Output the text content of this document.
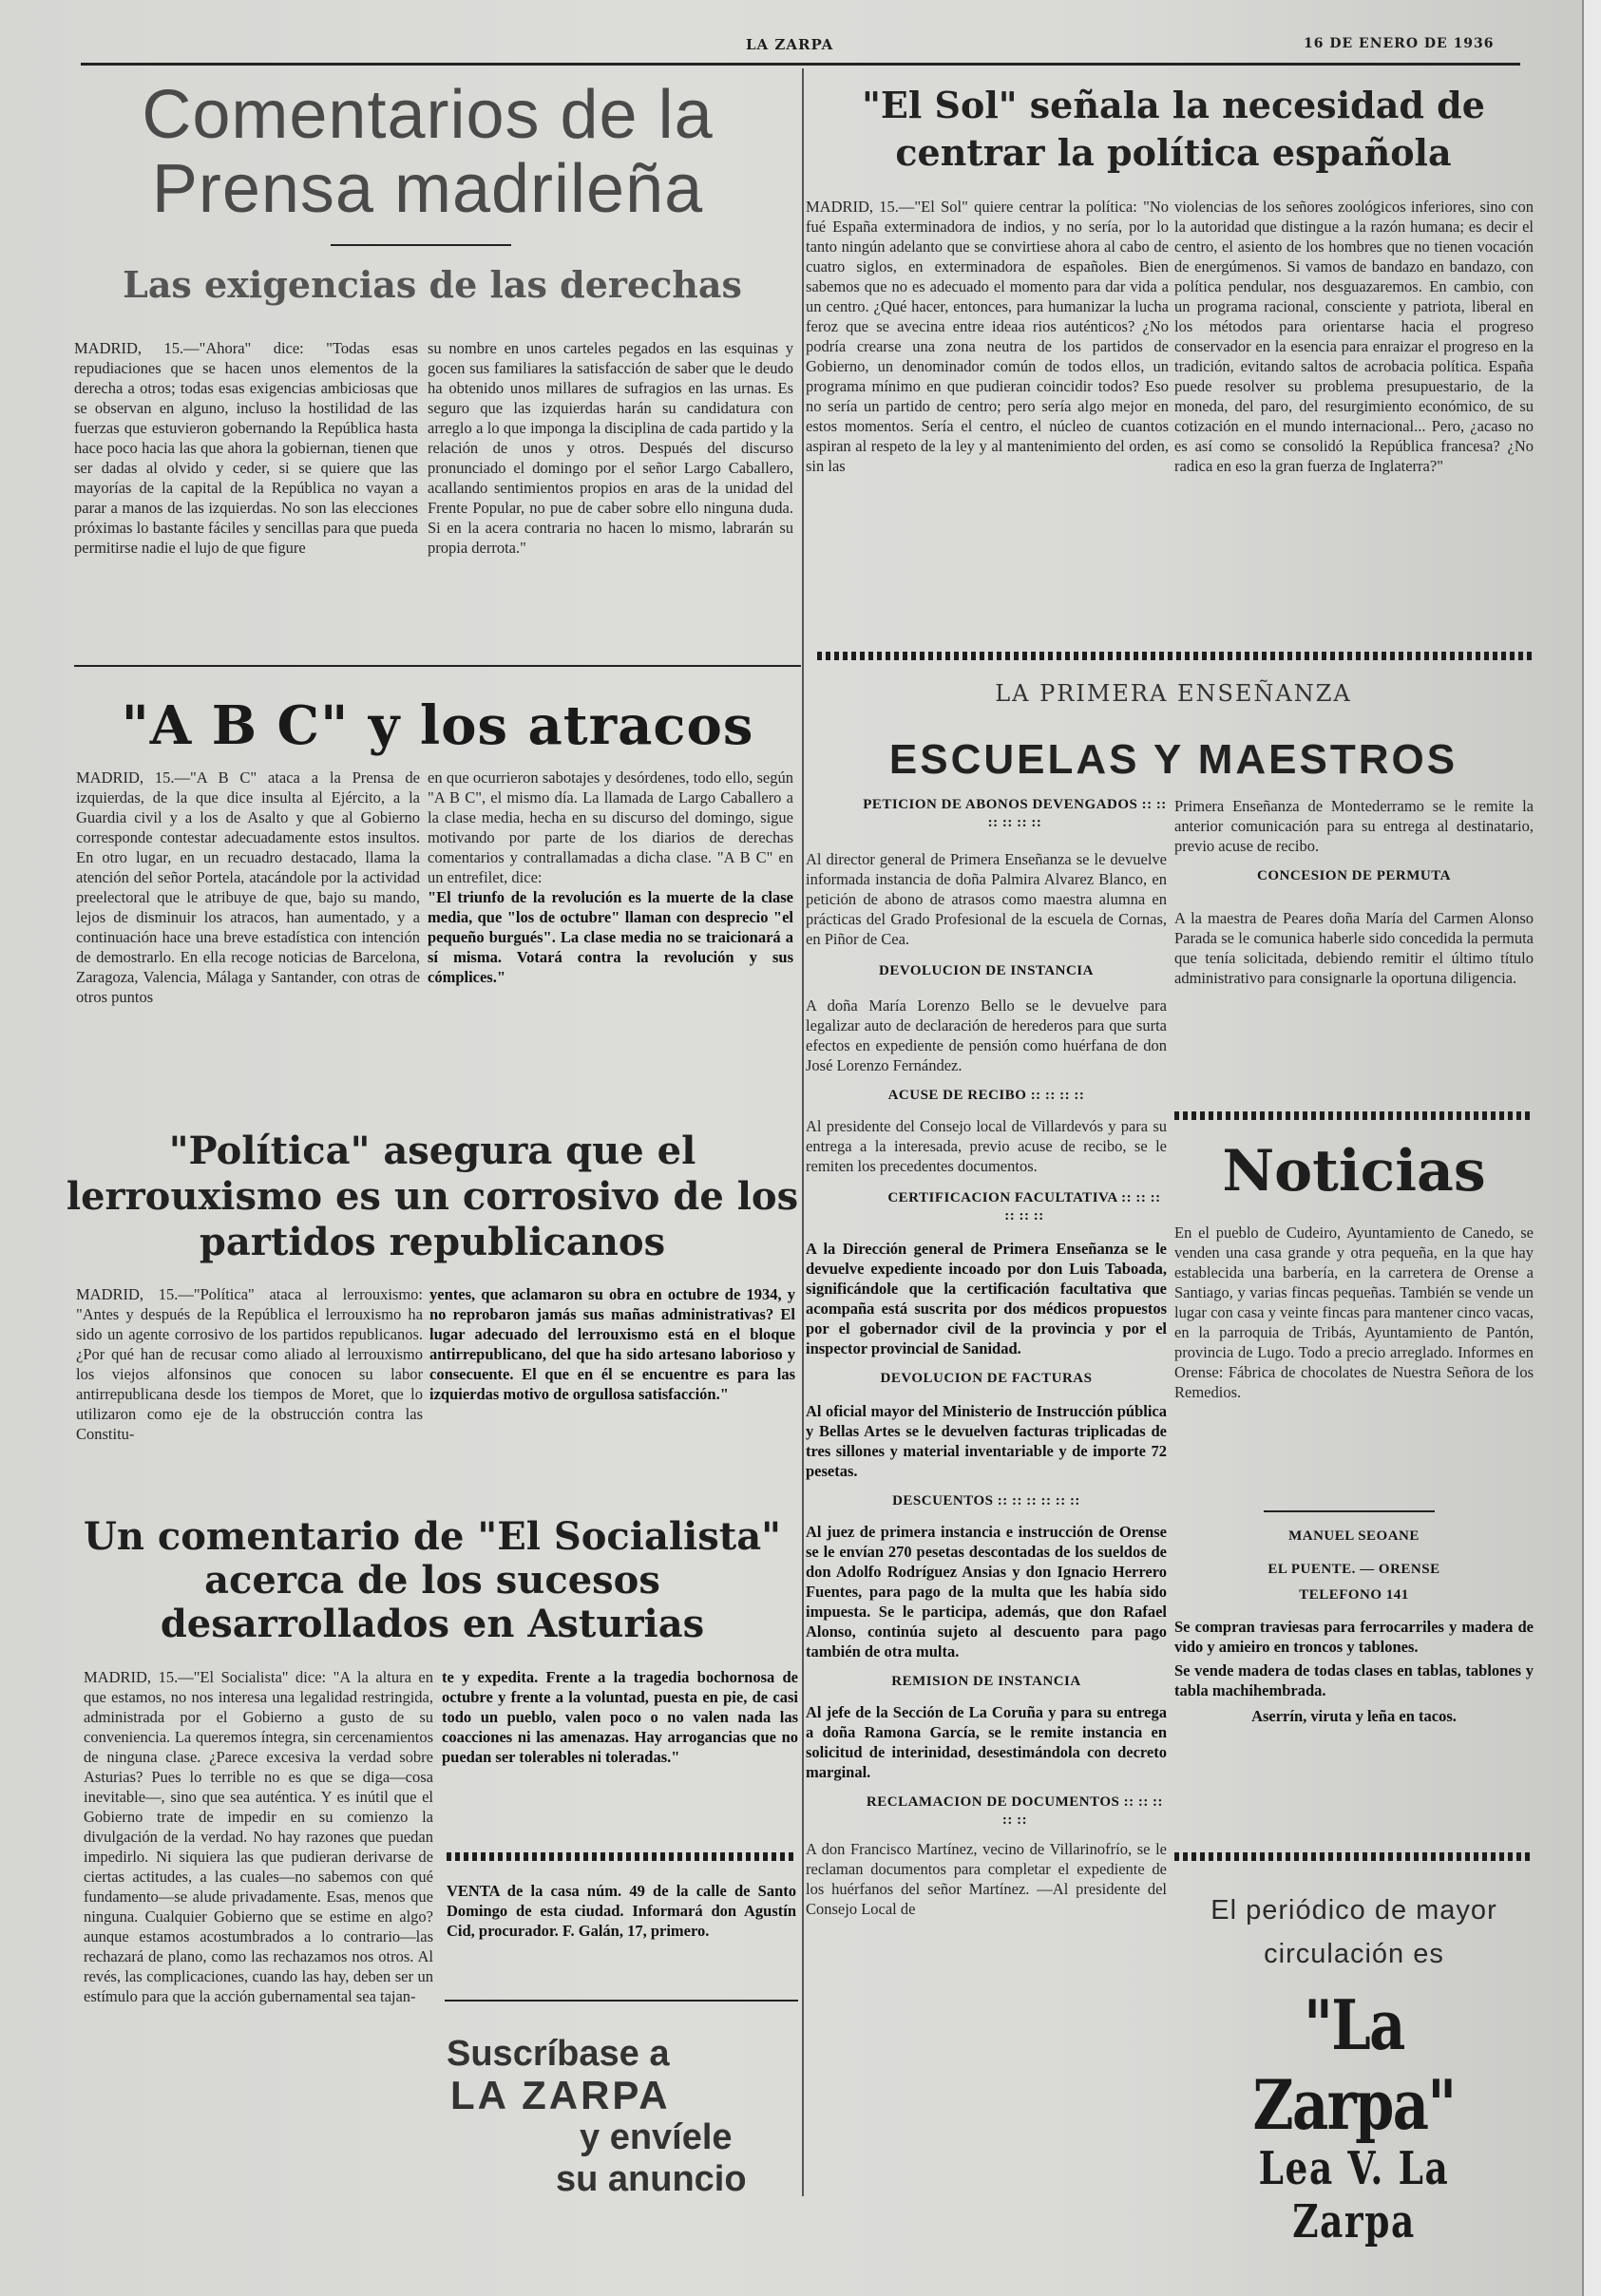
LA ZARPA	16 DE ENERO DE 1936
Comentarios de la Prensa madrileña
Las exigencias de las derechas
MADRID, 15.—"Ahora" dice: "Todas esas repudiaciones que se hacen unos elementos de la derecha a otros; todas esas exigencias ambiciosas que se observan en alguno, incluso la hostilidad de las fuerzas que estuvieron gobernando la República hasta hace poco hacia las que ahora la gobiernan, tienen que ser dadas al olvido y ceder, si se quiere que las mayorías de la capital de la República no vayan a parar a manos de las izquierdas. No son las elecciones próximas lo bastante fáciles y sencillas para que pueda permitirse nadie el lujo de que figure
su nombre en unos carteles pegados en las esquinas y gocen sus familiares la satisfacción de saber que le deudo ha obtenido unos millares de sufragios en las urnas. Es seguro que las izquierdas harán su candidatura con arreglo a lo que imponga la disciplina de cada partido y la relación de unos y otros. Después del discurso pronunciado el domingo por el señor Largo Caballero, acallando sentimientos propios en aras de la unidad del Frente Popular, no pue de caber sobre ello ninguna duda. Si en la acera contraria no hacen lo mismo, labrarán su propia derrota."
"El Sol" señala la necesidad de centrar la política española
MADRID, 15.—"El Sol" quiere centrar la política: "No fué España exterminadora de indios, y no sería, por lo tanto ningún adelanto que se convirtiese ahora al cabo de cuatro siglos, en exterminadora de españoles. Bien sabemos que no es adecuado el momento para dar vida a un centro. ¿Qué hacer, entonces, para humanizar la lucha feroz que se avecina entre ideaa rios auténticos? ¿No podría crearse una zona neutra de los partidos de Gobierno, un denominador común de todos ellos, un programa mínimo en que pudieran coincidir todos? Eso no sería un partido de centro; pero sería algo mejor en estos momentos. Sería el centro, el núcleo de cuantos aspiran al respeto de la ley y al mantenimiento del orden, sin las
violencias de los señores zoológicos inferiores, sino con la autoridad que distingue a la razón humana; es decir el centro, el asiento de los hombres que no tienen vocación de energúmenos. Si vamos de bandazo en bandazo, con política pendular, nos desguazaremos. En cambio, con un programa racional, consciente y patriota, liberal en los métodos para orientarse hacia el progreso conservador en la esencia para enraizar el progreso en la tradición, evitando saltos de acrobacia política. España puede resolver su problema presupuestario, de la moneda, del paro, del resurgimiento económico, de su cotización en el mundo internacional... Pero, ¿acaso no es así como se consolidó la República francesa? ¿No radica en eso la gran fuerza de Inglaterra?"
"A B C" y los atracos
MADRID, 15.—"A B C" ataca a la Prensa de izquierdas, de la que dice insulta al Ejército, a la Guardia civil y a los de Asalto y que al Gobierno corresponde contestar adecuadamente estos insultos. En otro lugar, en un recuadro destacado, llama la atención del señor Portela, atacándole por la actividad preelectoral que le atribuye de que, bajo su mando, lejos de disminuir los atracos, han aumentado, y a continuación hace una breve estadística con intención de demostrarlo. En ella recoge noticias de Barcelona, Zaragoza, Valencia, Málaga y Santander, con otras de otros puntos
en que ocurrieron sabotajes y desórdenes, todo ello, según "A B C", el mismo día. La llamada de Largo Caballero a la clase media, hecha en su discurso del domingo, sigue motivando por parte de los diarios de derechas comentarios y contrallamadas a dicha clase. "A B C" en un entrefilet, dice:
"El triunfo de la revolución es la muerte de la clase media, que "los de octubre" llaman con desprecio "el pequeño burgués". La clase media no se traicionará a sí misma. Votará contra la revolución y sus cómplices."
"Política" asegura que el lerrouxismo es un corrosivo de los partidos republicanos
MADRID, 15.—"Política" ataca al lerrouxismo: "Antes y después de la República el lerrouxismo ha sido un agente corrosivo de los partidos republicanos. ¿Por qué han de recusar como aliado al lerrouxismo los viejos alfonsinos que conocen su labor antirrepublicana desde los tiempos de Moret, que lo utilizaron como eje de la obstrucción contra las Constitu-
yentes, que aclamaron su obra en octubre de 1934, y no reprobaron jamás sus mañas administrativas? El lugar adecuado del lerrouxismo está en el bloque antirrepublicano, del que ha sido artesano laborioso y consecuente. El que en él se encuentre es para las izquierdas motivo de orgullosa satisfacción."
Un comentario de "El Socialista" acerca de los sucesos desarrollados en Asturias
MADRID, 15.—"El Socialista" dice: "A la altura en que estamos, no nos interesa una legalidad restringida, administrada por el Gobierno a gusto de su conveniencia. La queremos íntegra, sin cercenamientos de ninguna clase. ¿Parece excesiva la verdad sobre Asturias? Pues lo terrible no es que se diga—cosa inevitable—, sino que sea auténtica. Y es inútil que el Gobierno trate de impedir en su comienzo la divulgación de la verdad. No hay razones que puedan impedirlo. Ni siquiera las que pudieran derivarse de ciertas actitudes, a las cuales—no sabemos con qué fundamento—se alude privadamente. Esas, menos que ninguna. Cualquier Gobierno que se estime en algo?aunque estamos acostumbrados a lo contrario—las rechazará de plano, como las rechazamos nos otros. Al revés, las complicaciones, cuando las hay, deben ser un estímulo para que la acción gubernamental sea tajan-
te y expedita. Frente a la tragedia bochornosa de octubre y frente a la voluntad, puesta en pie, de casi todo un pueblo, valen poco o no valen nada las coacciones ni las amenazas. Hay arrogancias que no puedan ser tolerables ni toleradas."
VENTA de la casa núm. 49 de la calle de Santo Domingo de esta ciudad. Informará don Agustín Cid, procurador. F. Galán, 17, primero.
Suscríbase a
LA ZARPA
y envíele
su anuncio
LA PRIMERA ENSEÑANZA
ESCUELAS Y MAESTROS
PETICION DE ABONOS DEVENGADOS :: :: :: :: :: ::
Al director general de Primera Enseñanza se le devuelve informada instancia de doña Palmira Alvarez Blanco, en petición de abono de atrasos como maestra alumna en prácticas del Grado Profesional de la escuela de Cornas, en Piñor de Cea.
DEVOLUCION DE INSTANCIA
A doña María Lorenzo Bello se le devuelve para legalizar auto de declaración de herederos para que surta efectos en expediente de pensión como huérfana de don José Lorenzo Fernández.
ACUSE DE RECIBO :: :: :: ::
Al presidente del Consejo local de Villardevós y para su entrega a la interesada, previo acuse de recibo, se le remiten los precedentes documentos.
CERTIFICACION FACULTATIVA :: :: :: :: :: ::
A la Dirección general de Primera Enseñanza se le devuelve expediente incoado por don Luis Taboada, significándole que la certificación facultativa que acompaña está suscrita por dos médicos propuestos por el gobernador civil de la provincia y por el inspector provincial de Sanidad.
DEVOLUCION DE FACTURAS
Al oficial mayor del Ministerio de Instrucción pública y Bellas Artes se le devuelven facturas triplicadas de tres sillones y material inventariable y de importe 72 pesetas.
DESCUENTOS :: :: :: :: :: ::
Al juez de primera instancia e instrucción de Orense se le envían 270 pesetas descontadas de los sueldos de don Adolfo Rodríguez Ansias y don Ignacio Herrero Fuentes, para pago de la multa que les había sido impuesta. Se le participa, además, que don Rafael Alonso, continúa sujeto al descuento para pago también de otra multa.
REMISION DE INSTANCIA
Al jefe de la Sección de La Coruña y para su entrega a doña Ramona García, se le remite instancia en solicitud de interinidad, desestimándola con decreto marginal.
RECLAMACION DE DOCUMENTOS :: :: :: :: ::
A don Francisco Martínez, vecino de Villarinofrío, se le reclaman documentos para completar el expediente de los huérfanos del señor Martínez. —Al presidente del Consejo Local de
Primera Enseñanza de Montederramo se le remite la anterior comunicación para su entrega al destinatario, previo acuse de recibo.
CONCESION DE PERMUTA
A la maestra de Peares doña María del Carmen Alonso Parada se le comunica haberle sido concedida la permuta que tenía solicitada, debiendo remitir el último título administrativo para consignarle la oportuna diligencia.
Noticias
En el pueblo de Cudeiro, Ayuntamiento de Canedo, se venden una casa grande y otra pequeña, en la que hay establecida una barbería, en la carretera de Orense a Santiago, y varias fincas pequeñas. También se vende un lugar con casa y veinte fincas para mantener cinco vacas, en la parroquia de Tribás, Ayuntamiento de Pantón, provincia de Lugo. Todo a precio arreglado. Informes en Orense: Fábrica de chocolates de Nuestra Señora de los Remedios.
MANUEL SEOANE
EL PUENTE. — ORENSE
TELEFONO 141
Se compran traviesas para ferrocarriles y madera de vido y amieiro en troncos y tablones.
Se vende madera de todas clases en tablas, tablones y tabla machihembrada.
Aserrín, viruta y leña en tacos.
El periódico de mayor
circulación es
"La Zarpa"
Lea V. La Zarpa
